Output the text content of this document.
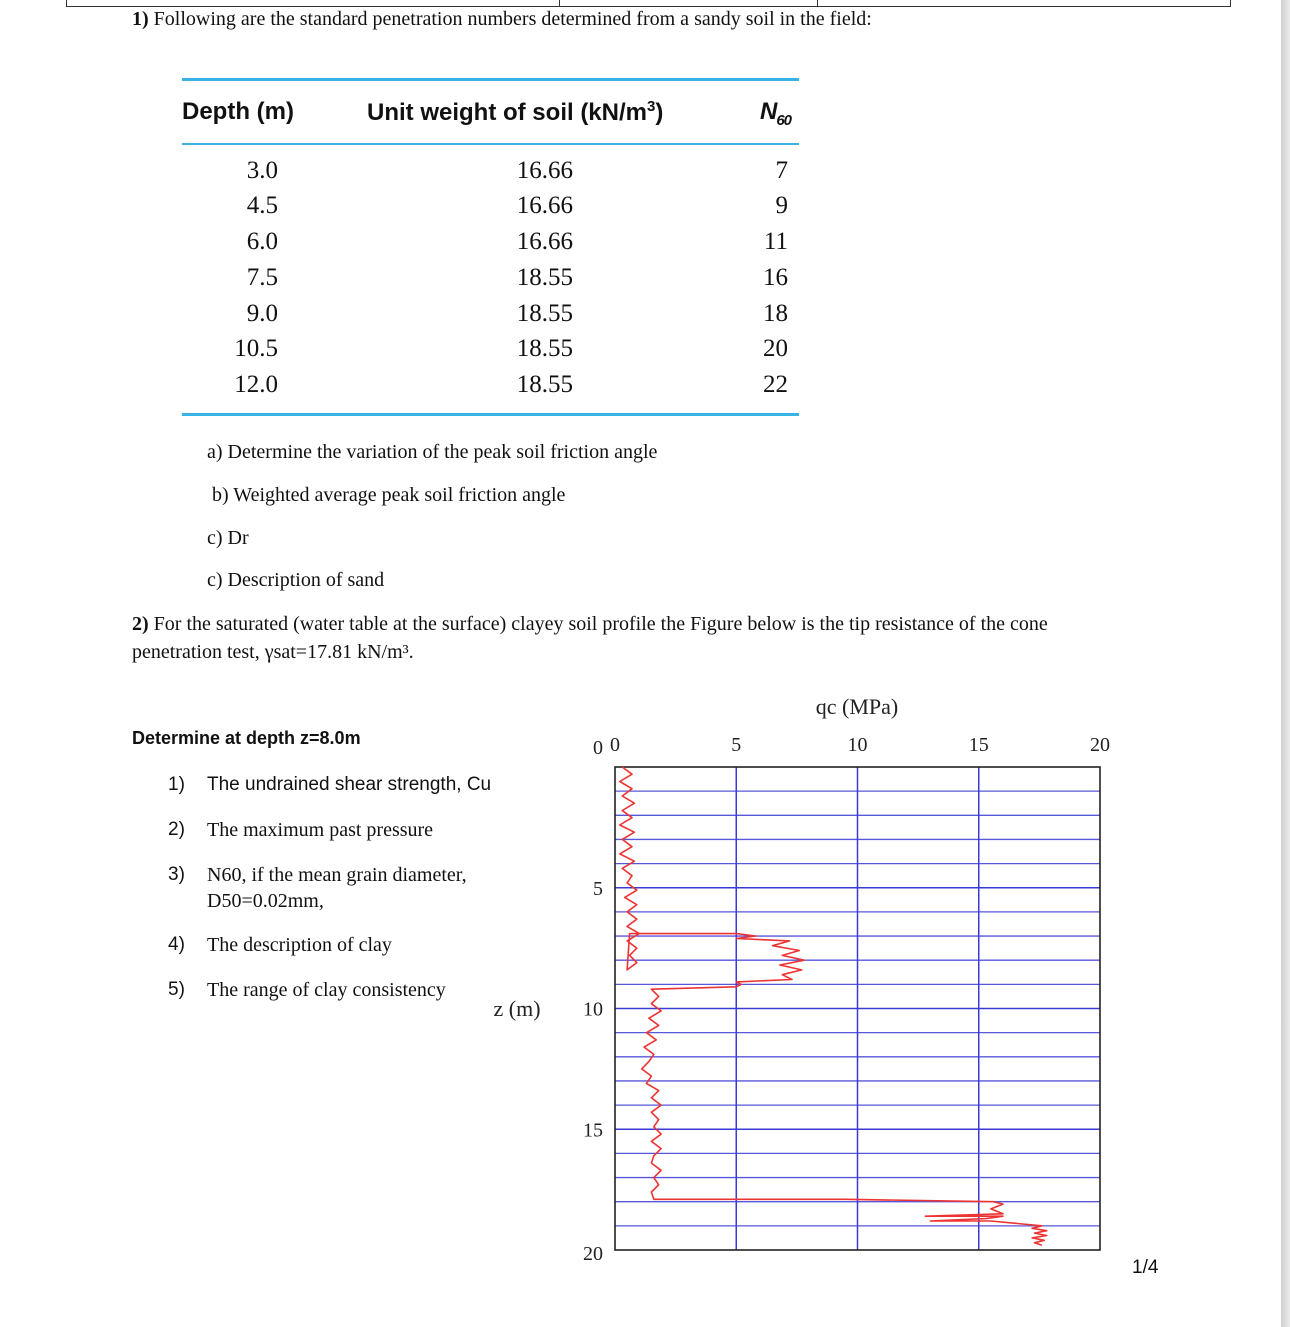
1) Following are the standard penetration numbers determined from a sandy soil in the field:
Depth (m)	Unit weight of soil $(kN/m^3)$	$N_{60}$
3.0	16.66	7
4.5	16.66	9
6.0	16.66	11
7.5	18.55	16
9.0	18.55	18
10.5	18.55	20
12.0	18.55	22
a) Determine the variation of the peak soil friction angle
b) Weighted average peak soil friction angle
c) Dr
c) Description of sand
2) For the saturated (water table at the surface) clayey soil profile the Figure below is the tip resistance of the cone
penetration test, γsat=17.81 kN/m³.
Determine at depth z=8.0m
1) The undrained shear strength, Cu
2) The maximum past pressure
3) N60, if the mean grain diameter,
D50=0.02mm,
4) The description of clay
5) The range of clay consistency
0	5	10	15	20
0
5
10
15
20
qc (MPa)
z (m)
1/4
